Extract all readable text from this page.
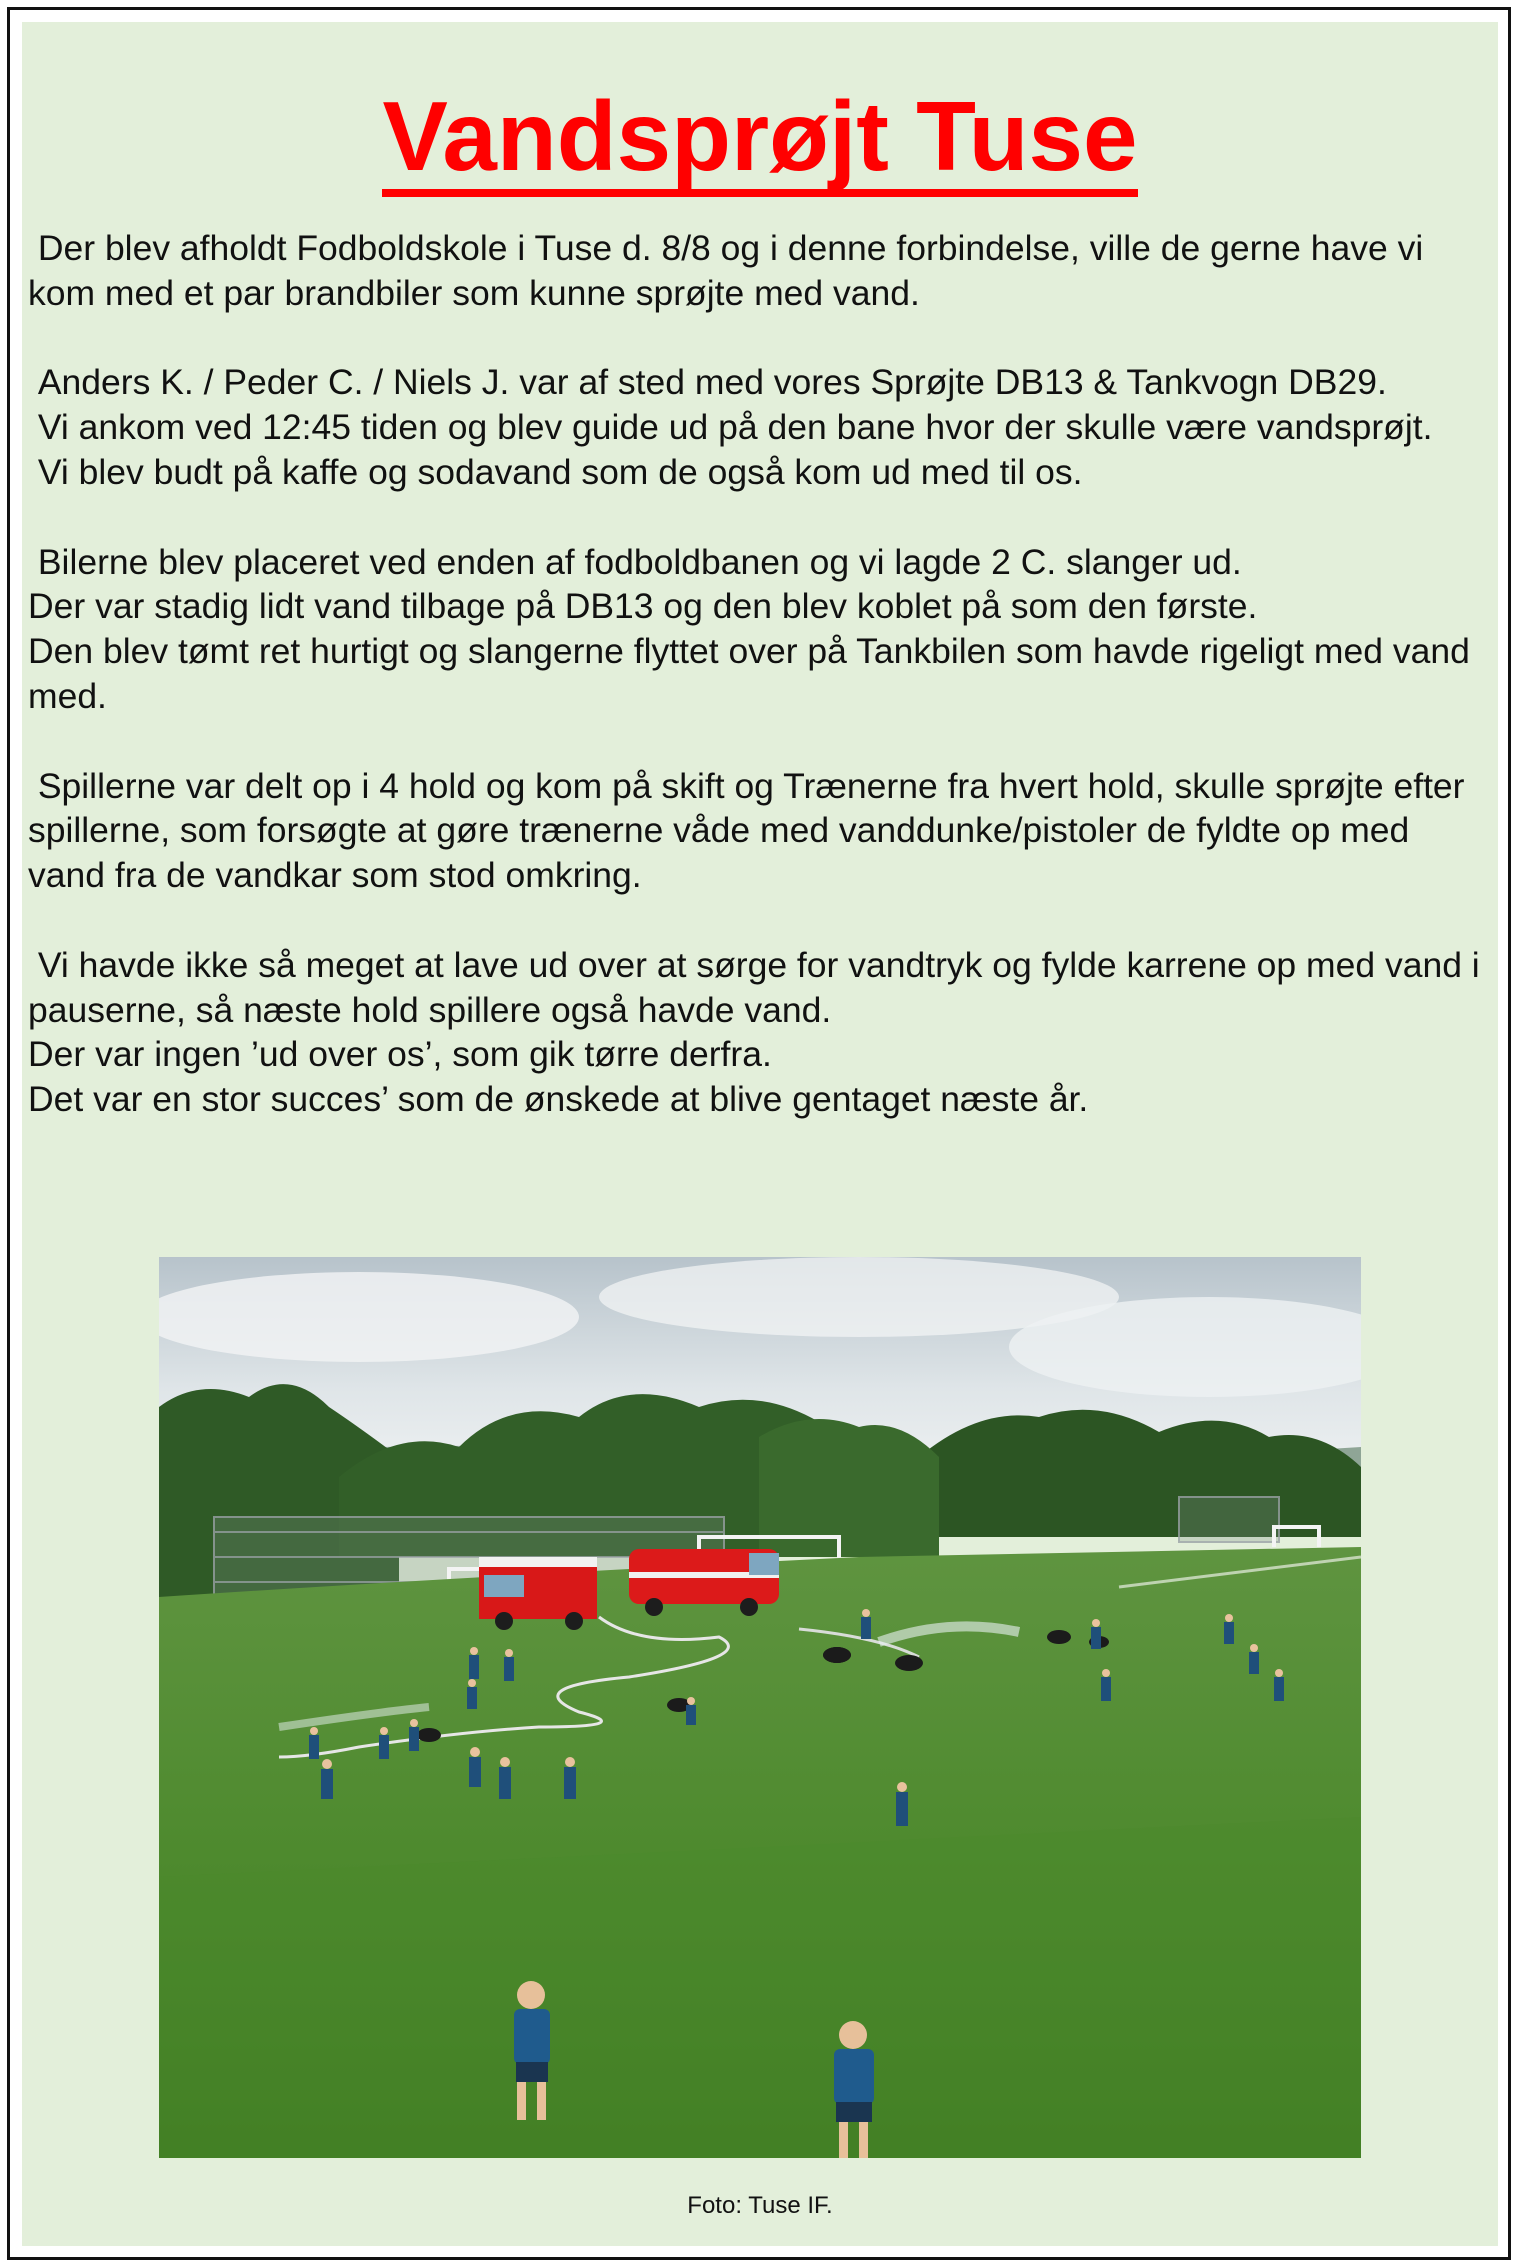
Vandsprøjt Tuse

Der blev afholdt Fodboldskole i Tuse d. 8/8 og i denne forbindelse, ville de gerne have vi kom med et par brandbiler som kunne sprøjte med vand.

Anders K. / Peder C. / Niels J. var af sted med vores Sprøjte DB13 & Tankvogn DB29.

Vi ankom ved 12:45 tiden og blev guide ud på den bane hvor der skulle være vandsprøjt.

Vi blev budt på kaffe og sodavand som de også kom ud med til os.

Bilerne blev placeret ved enden af fodboldbanen og vi lagde 2 C. slanger ud.

Der var stadig lidt vand tilbage på DB13 og den blev koblet på som den første.

Den blev tømt ret hurtigt og slangerne flyttet over på Tankbilen som havde rigeligt med vand med.

Spillerne var delt op i 4 hold og kom på skift og Trænerne fra hvert hold, skulle sprøjte efter spillerne, som forsøgte at gøre trænerne våde med vanddunke/pistoler de fyldte op med vand fra de vandkar som stod omkring.

Vi havde ikke så meget at lave ud over at sørge for vandtryk og fylde karrene op med vand i pauserne, så næste hold spillere også havde vand.

Der var ingen ’ud over os’, som gik tørre derfra.

Det var en stor succes’ som de ønskede at blive gentaget næste år.

Foto: Tuse IF.
